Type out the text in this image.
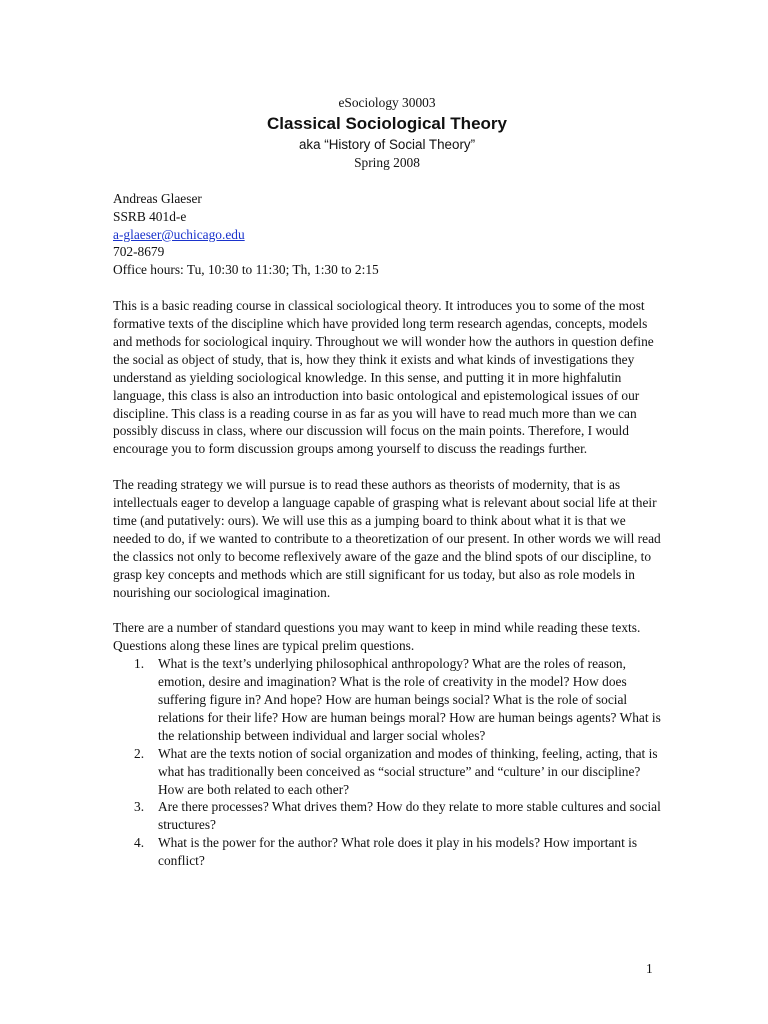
eSociology 30003

Classical Sociological Theory

aka “History of Social Theory”

Spring 2008

Andreas Glaeser

SSRB 401d-e

a-glaeser@uchicago.edu

702-8679

Office hours: Tu, 10:30 to 11:30; Th, 1:30 to 2:15

This is a basic reading course in classical sociological theory. It introduces you to some of the most formative texts of the discipline which have provided long term research agendas, concepts, models and methods for sociological inquiry. Throughout we will wonder how the authors in question define the social as object of study, that is, how they think it exists and what kinds of investigations they understand as yielding sociological knowledge. In this sense, and putting it in more highfalutin language, this class is also an introduction into basic ontological and epistemological issues of our discipline. This class is a reading course in as far as you will have to read much more than we can possibly discuss in class, where our discussion will focus on the main points. Therefore, I would encourage you to form discussion groups among yourself to discuss the readings further.

The reading strategy we will pursue is to read these authors as theorists of modernity, that is as intellectuals eager to develop a language capable of grasping what is relevant about social life at their time (and putatively: ours). We will use this as a jumping board to think about what it is that we needed to do, if we wanted to contribute to a theoretization of our present. In other words we will read the classics not only to become reflexively aware of the gaze and the blind spots of our discipline, to grasp key concepts and methods which are still significant for us today, but also as role models in nourishing our sociological imagination.

There are a number of standard questions you may want to keep in mind while reading these texts. Questions along these lines are typical prelim questions.

1. What is the text’s underlying philosophical anthropology? What are the roles of reason, emotion, desire and imagination? What is the role of creativity in the model? How does suffering figure in? And hope? How are human beings social? What is the role of social relations for their life? How are human beings moral? How are human beings agents? What is the relationship between individual and larger social wholes?
2. What are the texts notion of social organization and modes of thinking, feeling, acting, that is what has traditionally been conceived as “social structure” and “culture’ in our discipline? How are both related to each other?
3. Are there processes? What drives them? How do they relate to more stable cultures and social structures?
4. What is the power for the author? What role does it play in his models? How important is conflict?
1
